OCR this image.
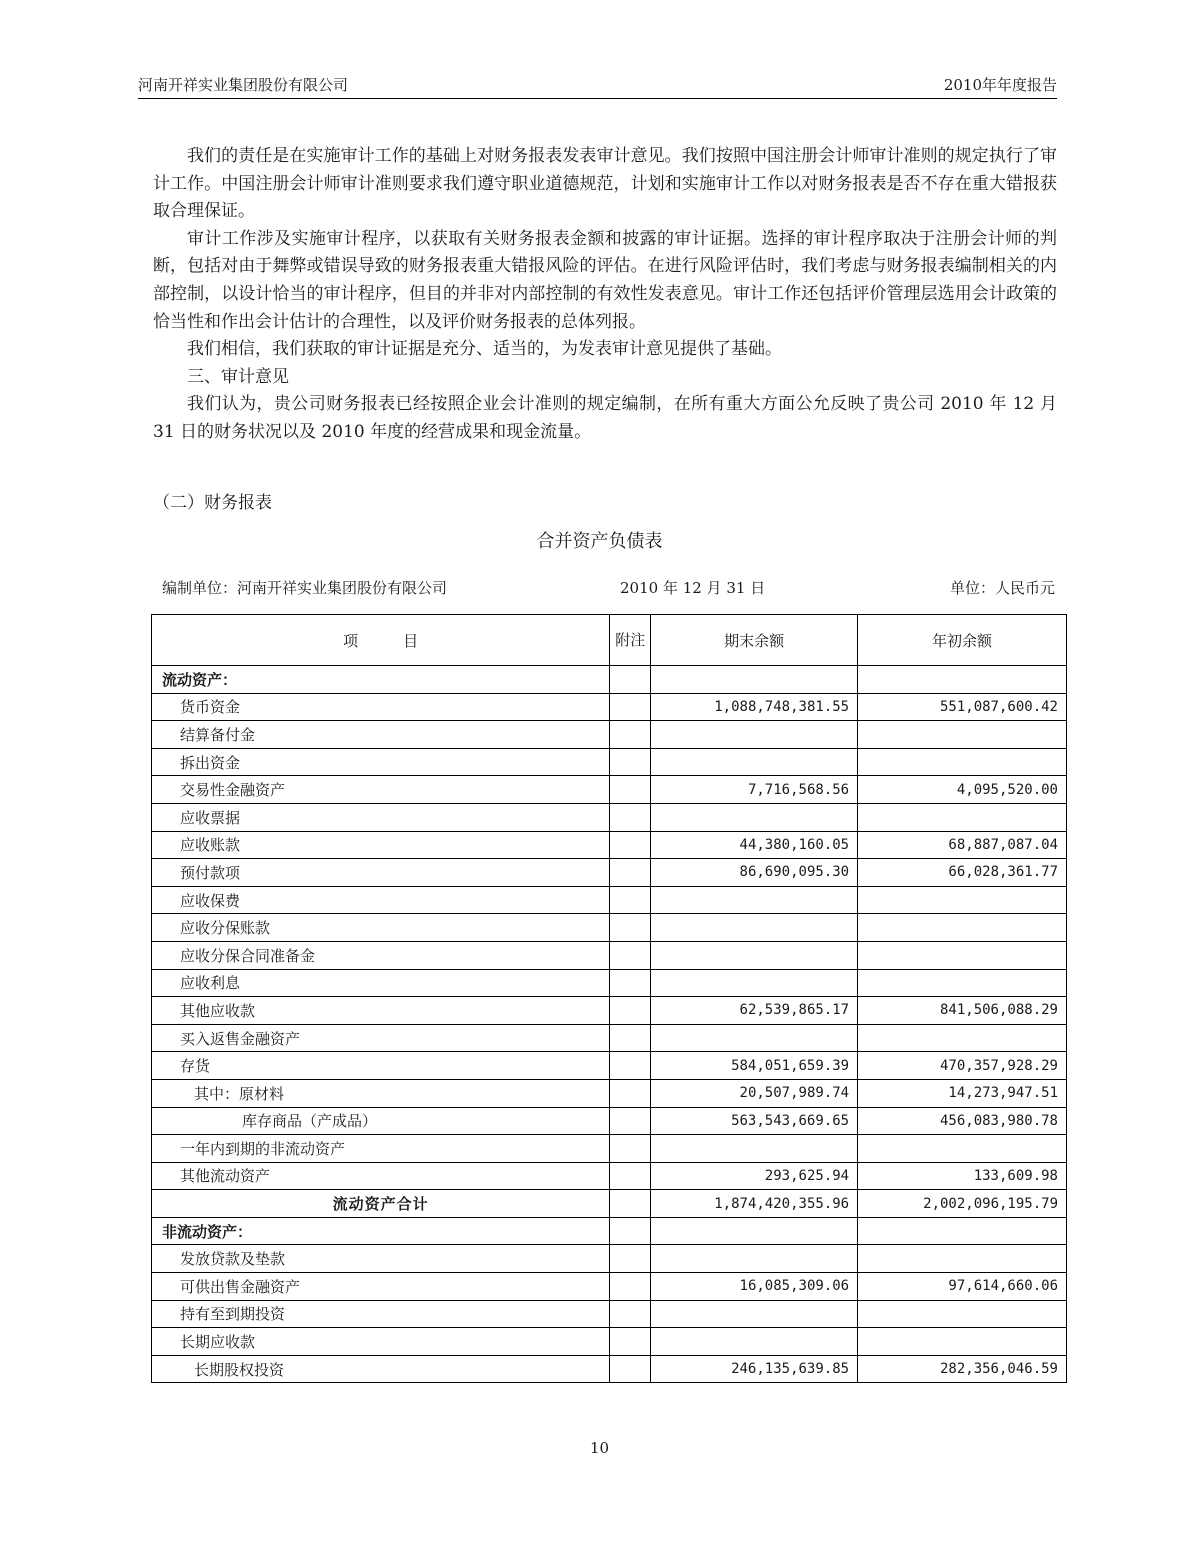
河南开祥实业集团股份有限公司	2010年年度报告

我们的责任是在实施审计工作的基础上对财务报表发表审计意见。我们按照中国注册会计师审计准则的规定执行了审计工作。中国注册会计师审计准则要求我们遵守职业道德规范，计划和实施审计工作以对财务报表是否不存在重大错报获取合理保证。

审计工作涉及实施审计程序，以获取有关财务报表金额和披露的审计证据。选择的审计程序取决于注册会计师的判断，包括对由于舞弊或错误导致的财务报表重大错报风险的评估。在进行风险评估时，我们考虑与财务报表编制相关的内部控制，以设计恰当的审计程序，但目的并非对内部控制的有效性发表意见。审计工作还包括评价管理层选用会计政策的恰当性和作出会计估计的合理性，以及评价财务报表的总体列报。

我们相信，我们获取的审计证据是充分、适当的，为发表审计意见提供了基础。

三、审计意见

我们认为，贵公司财务报表已经按照企业会计准则的规定编制，在所有重大方面公允反映了贵公司 2010 年 12 月 31 日的财务状况以及 2010 年度的经营成果和现金流量。

（二）财务报表
合并资产负债表
编制单位：河南开祥实业集团股份有限公司	2010 年 12 月 31 日	单位：人民币元
项　　　目	附注	期末余额	年初余额
流动资产：			
货币资金		1,088,748,381.55	551,087,600.42
结算备付金			
拆出资金			
交易性金融资产		7,716,568.56	4,095,520.00
应收票据			
应收账款		44,380,160.05	68,887,087.04
预付款项		86,690,095.30	66,028,361.77
应收保费			
应收分保账款			
应收分保合同准备金			
应收利息			
其他应收款		62,539,865.17	841,506,088.29
买入返售金融资产			
存货		584,051,659.39	470,357,928.29
其中：原材料		20,507,989.74	14,273,947.51
库存商品（产成品）		563,543,669.65	456,083,980.78
一年内到期的非流动资产			
其他流动资产		293,625.94	133,609.98
流动资产合计		1,874,420,355.96	2,002,096,195.79
非流动资产：			
发放贷款及垫款			
可供出售金融资产		16,085,309.06	97,614,660.06
持有至到期投资			
长期应收款			
长期股权投资		246,135,639.85	282,356,046.59
10
